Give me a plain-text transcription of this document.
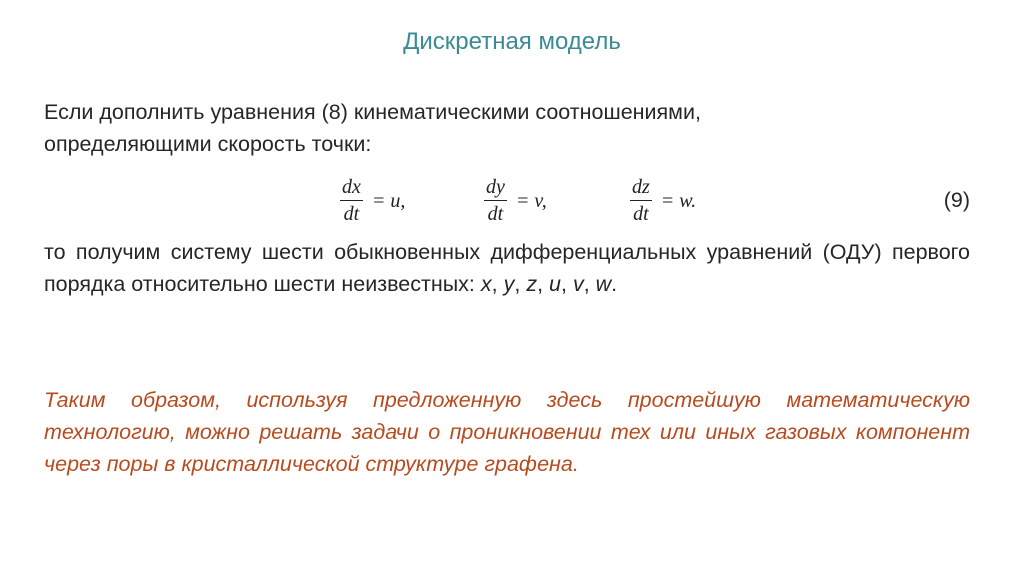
Дискретная модель
Если дополнить уравнения (8) кинематическими соотношениями,
определяющими скорость точки:
$\frac{dx}{dt} = u$,	$\frac{dy}{dt} = v$,	$\frac{dz}{dt} = w$.	(9)
то получим систему шести обыкновенных дифференциальных уравнений (ОДУ) первого порядка относительно шести неизвестных: x, y, z, u, v, w.
Таким образом, используя предложенную здесь простейшую математическую технологию, можно решать задачи о проникновении тех или иных газовых компонент через поры в кристаллической структуре графена.
